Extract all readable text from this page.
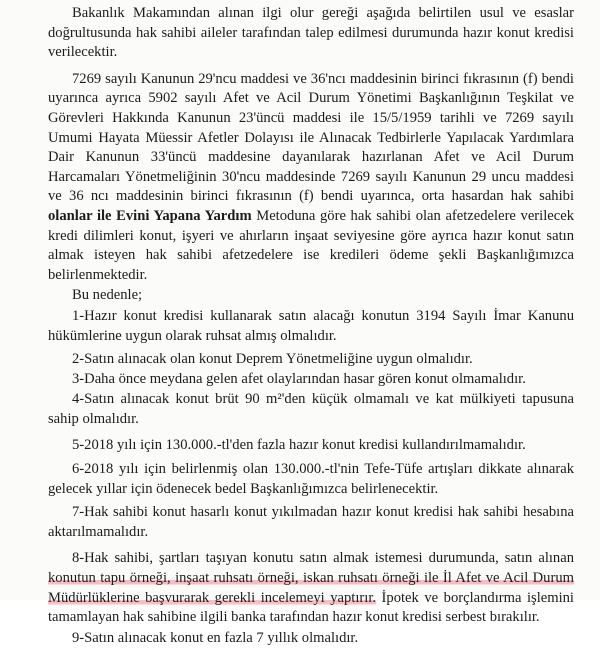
Bakanlık Makamından alınan ilgi olur gereği aşağıda belirtilen usul ve esaslar doğrultusunda hak sahibi aileler tarafından talep edilmesi durumunda hazır konut kredisi verilecektir.

7269 sayılı Kanunun 29'ncu maddesi ve 36'ncı maddesinin birinci fıkrasının (f) bendi uyarınca ayrıca 5902 sayılı Afet ve Acil Durum Yönetimi Başkanlığının Teşkilat ve Görevleri Hakkında Kanunun 23'üncü maddesi ile 15/5/1959 tarihli ve 7269 sayılı Umumi Hayata Müessir Afetler Dolayısı ile Alınacak Tedbirlerle Yapılacak Yardımlara Dair Kanunun 33'üncü maddesine dayanılarak hazırlanan Afet ve Acil Durum Harcamaları Yönetmeliğinin 30'ncu maddesinde 7269 sayılı Kanunun 29 uncu maddesi ve 36 ncı maddesinin birinci fıkrasının (f) bendi uyarınca, orta hasardan hak sahibi olanlar ile Evini Yapana Yardım Metoduna göre hak sahibi olan afetzedelere verilecek kredi dilimleri konut, işyeri ve ahırların inşaat seviyesine göre ayrıca hazır konut satın almak isteyen hak sahibi afetzedelere ise kredileri ödeme şekli Başkanlığımızca belirlenmektedir.

Bu nedenle;

1-Hazır konut kredisi kullanarak satın alacağı konutun 3194 Sayılı İmar Kanunu hükümlerine uygun olarak ruhsat almış olmalıdır.

2-Satın alınacak olan konut Deprem Yönetmeliğine uygun olmalıdır.

3-Daha önce meydana gelen afet olaylarından hasar gören konut olmamalıdır.

4-Satın alınacak konut brüt 90 m²'den küçük olmamalı ve kat mülkiyeti tapusuna sahip olmalıdır.

5-2018 yılı için 130.000.-tl'den fazla hazır konut kredisi kullandırılmamalıdır.

6-2018 yılı için belirlenmiş olan 130.000.-tl'nin Tefe-Tüfe artışları dikkate alınarak gelecek yıllar için ödenecek bedel Başkanlığımızca belirlenecektir.

7-Hak sahibi konut hasarlı konut yıkılmadan hazır konut kredisi hak sahibi hesabına aktarılmamalıdır.

8-Hak sahibi, şartları taşıyan konutu satın almak istemesi durumunda, satın alınan konutun tapu örneği, inşaat ruhsatı örneği, iskan ruhsatı örneği ile İl Afet ve Acil Durum Müdürlüklerine başvurarak gerekli incelemeyi yaptırır. İpotek ve borçlandırma işlemini tamamlayan hak sahibine ilgili banka tarafından hazır konut kredisi serbest bırakılır.

9-Satın alınacak konut en fazla 7 yıllık olmalıdır.
